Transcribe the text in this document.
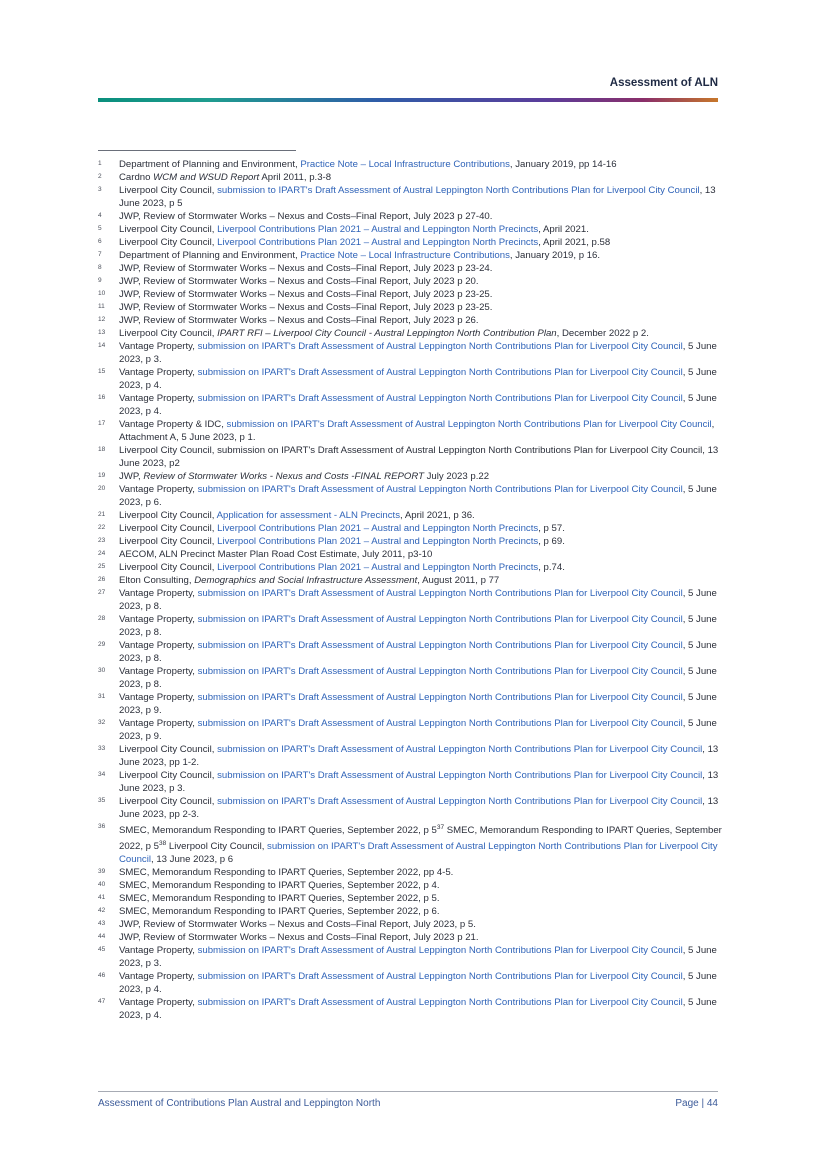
Assessment of ALN
1 Department of Planning and Environment, Practice Note – Local Infrastructure Contributions, January 2019, pp 14-16
2 Cardno WCM and WSUD Report April 2011, p.3-8
3 Liverpool City Council, submission to IPART's Draft Assessment of Austral Leppington North Contributions Plan for Liverpool City Council, 13 June 2023, p 5
4 JWP, Review of Stormwater Works – Nexus and Costs–Final Report, July 2023 p 27-40.
5 Liverpool City Council, Liverpool Contributions Plan 2021 – Austral and Leppington North Precincts, April 2021.
6 Liverpool City Council, Liverpool Contributions Plan 2021 – Austral and Leppington North Precincts, April 2021, p.58
7 Department of Planning and Environment, Practice Note – Local Infrastructure Contributions, January 2019, p 16.
8 JWP, Review of Stormwater Works – Nexus and Costs–Final Report, July 2023 p 23-24.
9 JWP, Review of Stormwater Works – Nexus and Costs–Final Report, July 2023 p 20.
10 JWP, Review of Stormwater Works – Nexus and Costs–Final Report, July 2023 p 23-25.
11 JWP, Review of Stormwater Works – Nexus and Costs–Final Report, July 2023 p 23-25.
12 JWP, Review of Stormwater Works – Nexus and Costs–Final Report, July 2023 p 26.
13 Liverpool City Council, IPART RFI – Liverpool City Council - Austral Leppington North Contribution Plan, December 2022 p 2.
14 Vantage Property, submission on IPART's Draft Assessment of Austral Leppington North Contributions Plan for Liverpool City Council, 5 June 2023, p 3.
15 Vantage Property, submission on IPART's Draft Assessment of Austral Leppington North Contributions Plan for Liverpool City Council, 5 June 2023, p 4.
16 Vantage Property, submission on IPART's Draft Assessment of Austral Leppington North Contributions Plan for Liverpool City Council, 5 June 2023, p 4.
17 Vantage Property & IDC, submission on IPART's Draft Assessment of Austral Leppington North Contributions Plan for Liverpool City Council, Attachment A, 5 June 2023, p 1.
18 Liverpool City Council, submission on IPART's Draft Assessment of Austral Leppington North Contributions Plan for Liverpool City Council, 13 June 2023, p2
19 JWP, Review of Stormwater Works - Nexus and Costs -FINAL REPORT July 2023 p.22
20 Vantage Property, submission on IPART's Draft Assessment of Austral Leppington North Contributions Plan for Liverpool City Council, 5 June 2023, p 6.
21 Liverpool City Council, Application for assessment - ALN Precincts, April 2021, p 36.
22 Liverpool City Council, Liverpool Contributions Plan 2021 – Austral and Leppington North Precincts, p 57.
23 Liverpool City Council, Liverpool Contributions Plan 2021 – Austral and Leppington North Precincts, p 69.
24 AECOM, ALN Precinct Master Plan Road Cost Estimate, July 2011, p3-10
25 Liverpool City Council, Liverpool Contributions Plan 2021 – Austral and Leppington North Precincts, p.74.
26 Elton Consulting, Demographics and Social Infrastructure Assessment, August 2011, p 77
27 Vantage Property, submission on IPART's Draft Assessment of Austral Leppington North Contributions Plan for Liverpool City Council, 5 June 2023, p 8.
28 Vantage Property, submission on IPART's Draft Assessment of Austral Leppington North Contributions Plan for Liverpool City Council, 5 June 2023, p 8.
29 Vantage Property, submission on IPART's Draft Assessment of Austral Leppington North Contributions Plan for Liverpool City Council, 5 June 2023, p 8.
30 Vantage Property, submission on IPART's Draft Assessment of Austral Leppington North Contributions Plan for Liverpool City Council, 5 June 2023, p 8.
31 Vantage Property, submission on IPART's Draft Assessment of Austral Leppington North Contributions Plan for Liverpool City Council, 5 June 2023, p 9.
32 Vantage Property, submission on IPART's Draft Assessment of Austral Leppington North Contributions Plan for Liverpool City Council, 5 June 2023, p 9.
33 Liverpool City Council, submission on IPART's Draft Assessment of Austral Leppington North Contributions Plan for Liverpool City Council, 13 June 2023, pp 1-2.
34 Liverpool City Council, submission on IPART's Draft Assessment of Austral Leppington North Contributions Plan for Liverpool City Council, 13 June 2023, p 3.
35 Liverpool City Council, submission on IPART's Draft Assessment of Austral Leppington North Contributions Plan for Liverpool City Council, 13 June 2023, pp 2-3.
36 SMEC, Memorandum Responding to IPART Queries, September 2022, p $5^{37}$ SMEC, Memorandum Responding to IPART Queries, September 2022, p $5^{38}$ Liverpool City Council, submission on IPART's Draft Assessment of Austral Leppington North Contributions Plan for Liverpool City Council, 13 June 2023, p 6
39 SMEC, Memorandum Responding to IPART Queries, September 2022, pp 4-5.
40 SMEC, Memorandum Responding to IPART Queries, September 2022, p 4.
41 SMEC, Memorandum Responding to IPART Queries, September 2022, p 5.
42 SMEC, Memorandum Responding to IPART Queries, September 2022, p 6.
43 JWP, Review of Stormwater Works – Nexus and Costs–Final Report, July 2023, p 5.
44 JWP, Review of Stormwater Works – Nexus and Costs–Final Report, July 2023 p 21.
45 Vantage Property, submission on IPART's Draft Assessment of Austral Leppington North Contributions Plan for Liverpool City Council, 5 June 2023, p 3.
46 Vantage Property, submission on IPART's Draft Assessment of Austral Leppington North Contributions Plan for Liverpool City Council, 5 June 2023, p 4.
47 Vantage Property, submission on IPART's Draft Assessment of Austral Leppington North Contributions Plan for Liverpool City Council, 5 June 2023, p 4.
Assessment of Contributions Plan Austral and Leppington North	Page | 44
